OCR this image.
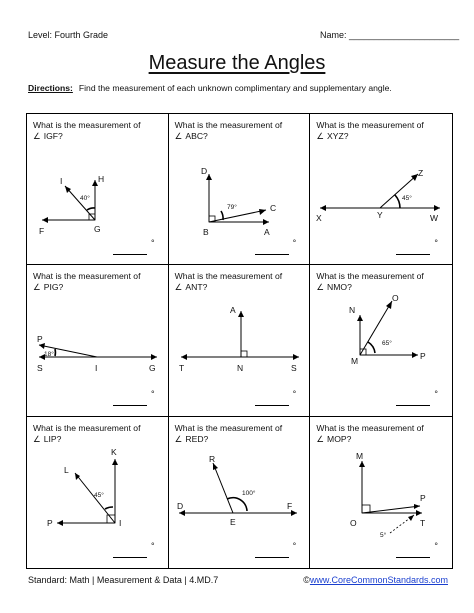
Level: Fourth Grade	Name: ______________________
Measure the Angles
Directions: Find the measurement of each unknown complimentary and supplementary angle.
What is the measurement of
∠ IGF?
I	H
F	G
40°
°
What is the measurement of
∠ ABC?
D
C
B	A
79°
°
What is the measurement of
∠ XYZ?
Z
X	Y	W
45°
°
What is the measurement of
∠ PIG?
P
S	I	G
18°
°
What is the measurement of
∠ ANT?
A
T	N	S
°
What is the measurement of
∠ NMO?
O
N
M	P
65°
°
What is the measurement of
∠ LIP?
K
L
P	I
45°
°
What is the measurement of
∠ RED?
R
D	F
E
100°
°
What is the measurement of
∠ MOP?
M
P
O	T
5°
°
Standard: Math | Measurement & Data | 4.MD.7	©www.CoreCommonStandards.com
